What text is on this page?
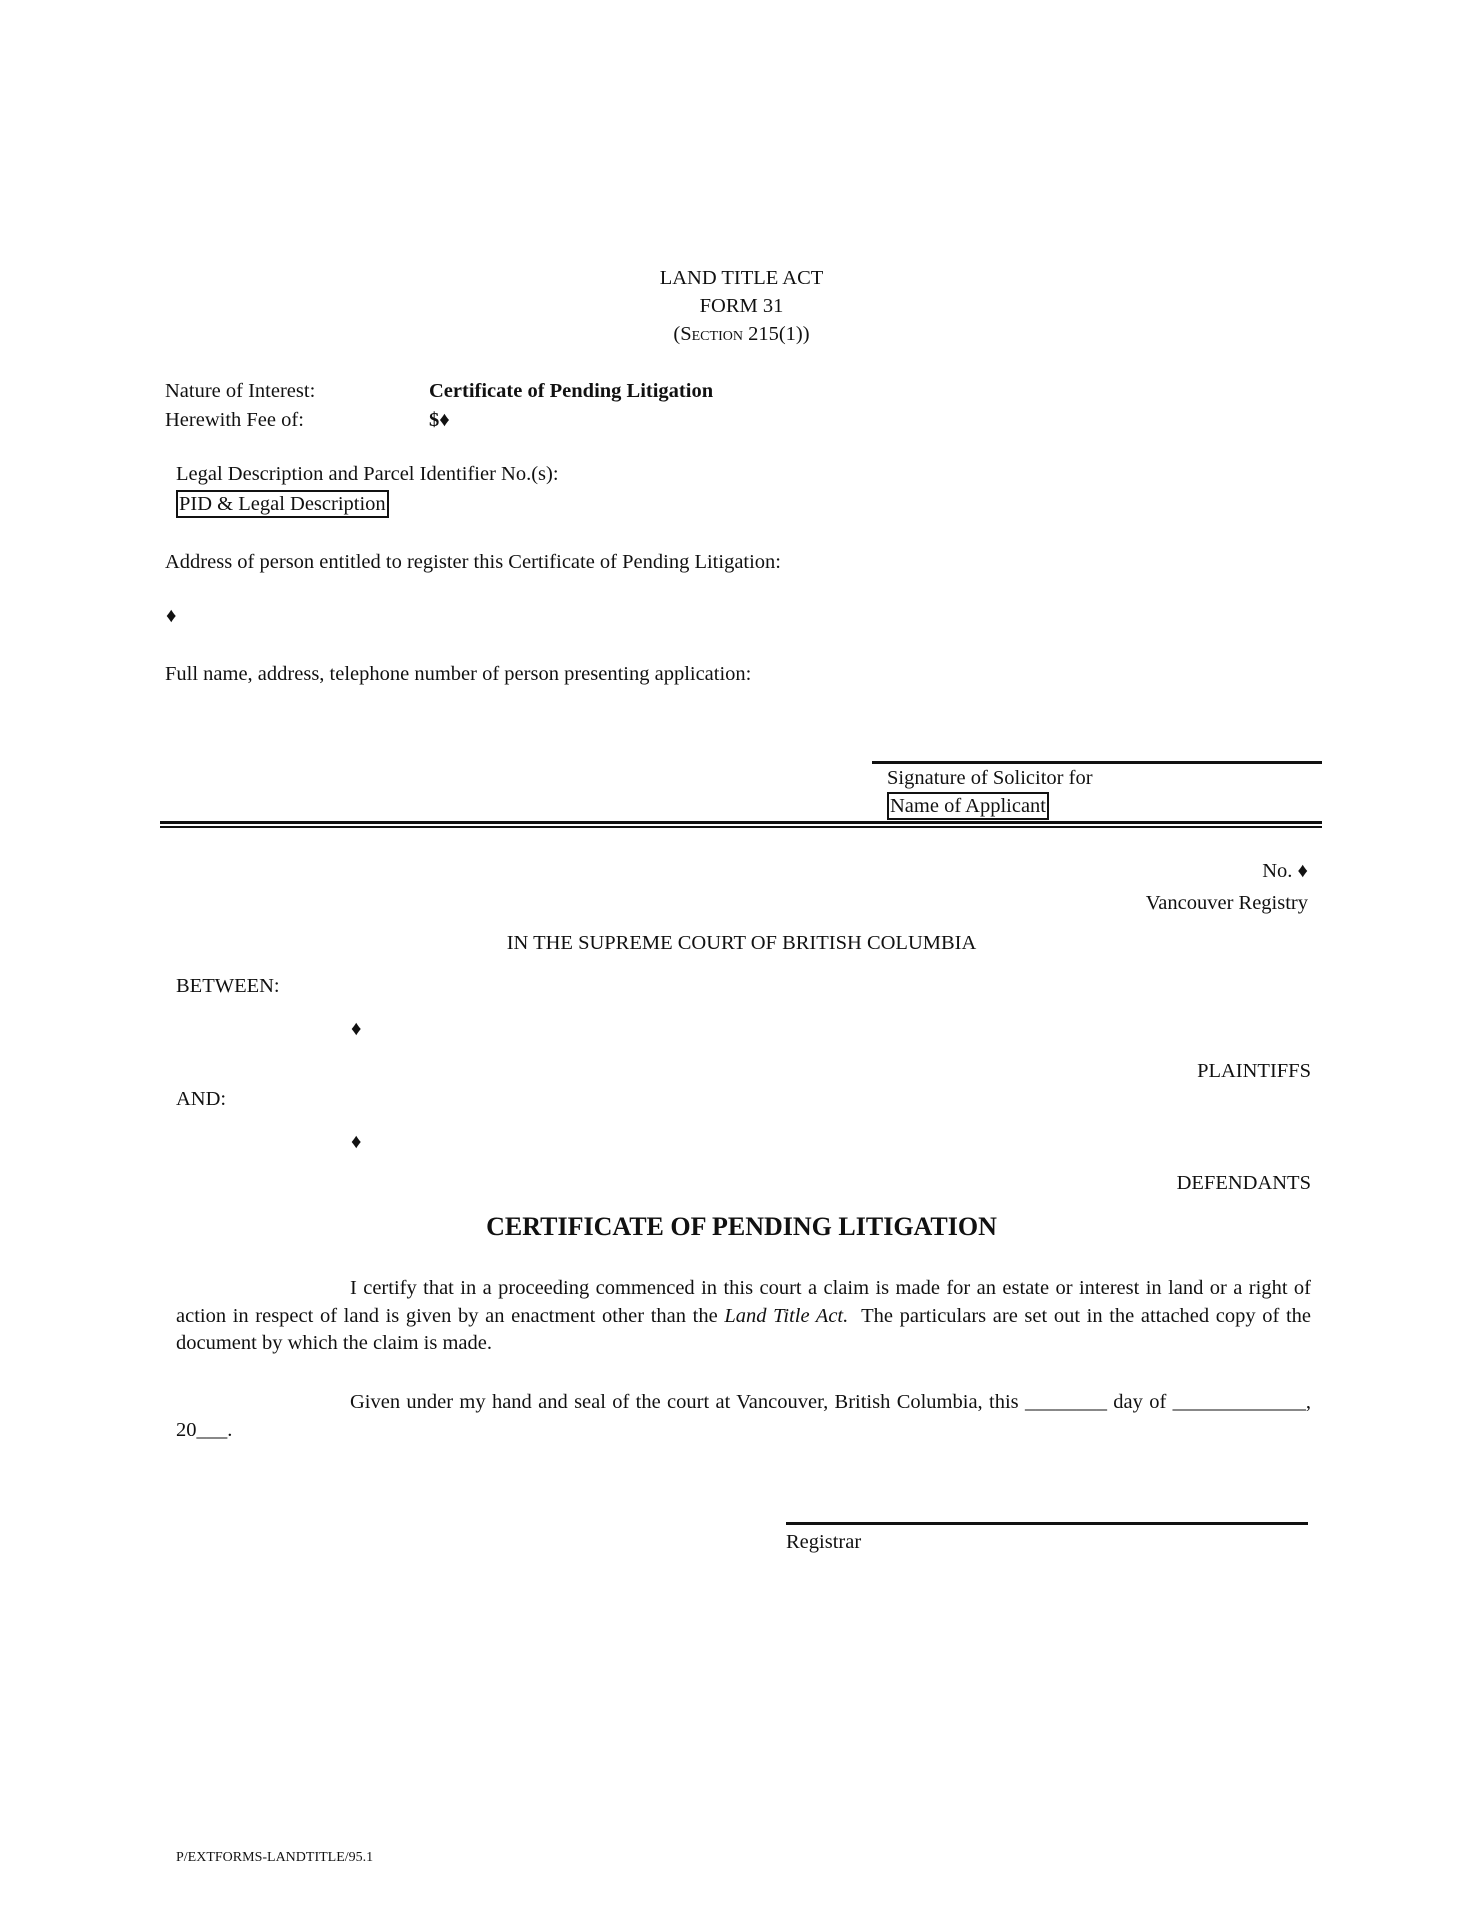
LAND TITLE ACT
FORM 31
(Section 215(1))
Nature of Interest:	Certificate of Pending Litigation
Herewith Fee of:	$♦
Legal Description and Parcel Identifier No.(s):
PID & Legal Description
Address of person entitled to register this Certificate of Pending Litigation:
♦
Full name, address, telephone number of person presenting application:
Signature of Solicitor for
Name of Applicant
No. ♦
Vancouver Registry
IN THE SUPREME COURT OF BRITISH COLUMBIA
BETWEEN:
♦
PLAINTIFFS
AND:
♦
DEFENDANTS
CERTIFICATE OF PENDING LITIGATION
I certify that in a proceeding commenced in this court a claim is made for an estate or interest in land or a right of action in respect of land is given by an enactment other than the Land Title Act.  The particulars are set out in the attached copy of the document by which the claim is made.
Given under my hand and seal of the court at Vancouver, British Columbia, this ________ day of _____________, 20___.
Registrar
P/EXTFORMS-LANDTITLE/95.1
